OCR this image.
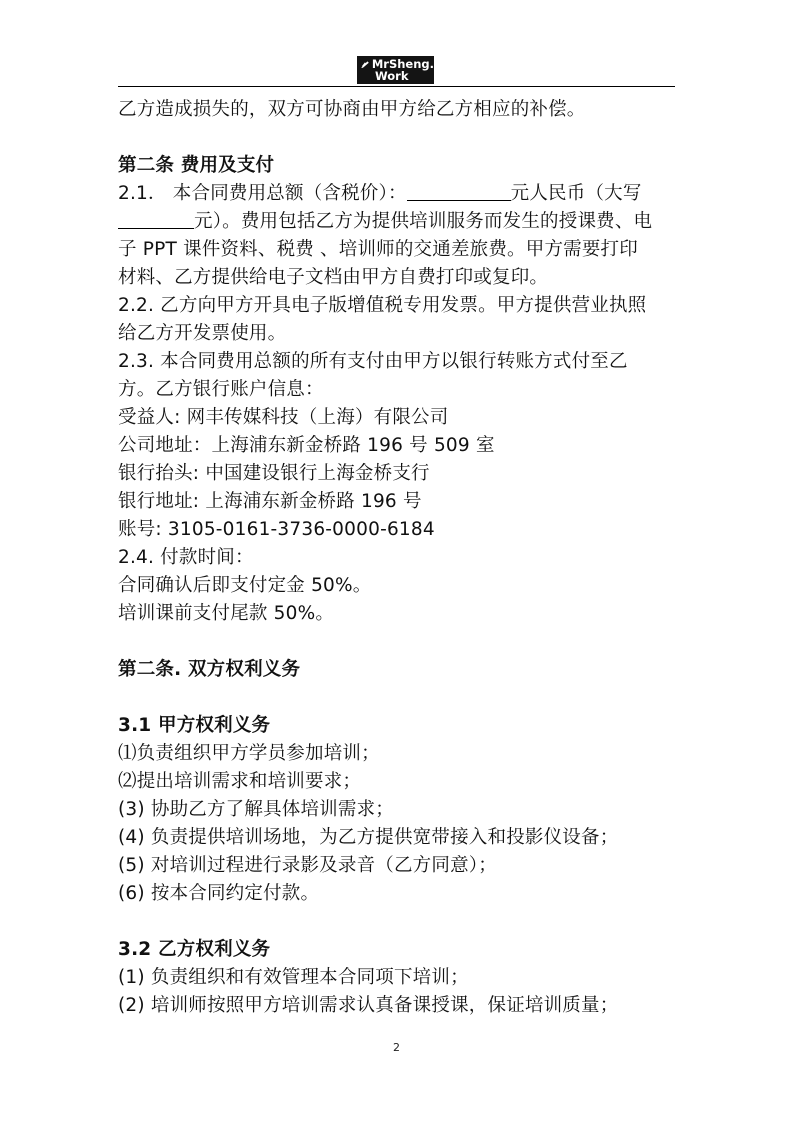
MrSheng.
Work

乙方造成损失的，双方可协商由甲方给乙方相应的补偿。

第二条 费用及支付

2.1． 本合同费用总额（含税价）：	元人民币（大写

元）。费用包括乙方为提供培训服务而发生的授课费、电

子 PPT 课件资料、税费 、培训师的交通差旅费。甲方需要打印

材料、乙方提供给电子文档由甲方自费打印或复印。

2.2. 乙方向甲方开具电子版增值税专用发票。甲方提供营业执照

给乙方开发票使用。

2.3. 本合同费用总额的所有支付由甲方以银行转账方式付至乙

方。乙方银行账户信息：

受益人: 网丰传媒科技（上海）有限公司

公司地址：上海浦东新金桥路 196 号 509 室

银行抬头: 中国建设银行上海金桥支行

银行地址: 上海浦东新金桥路 196 号

账号: 3105-0161-3736-0000-6184

2.4. 付款时间：

合同确认后即支付定金 50%。

培训课前支付尾款 50%。

第二条. 双方权利义务

3.1 甲方权利义务

⑴负责组织甲方学员参加培训；

⑵提出培训需求和培训要求；

(3) 协助乙方了解具体培训需求；

(4) 负责提供培训场地，为乙方提供宽带接入和投影仪设备；

(5) 对培训过程进行录影及录音（乙方同意）；

(6) 按本合同约定付款。

3.2 乙方权利义务

(1) 负责组织和有效管理本合同项下培训；

(2) 培训师按照甲方培训需求认真备课授课，保证培训质量；

2
